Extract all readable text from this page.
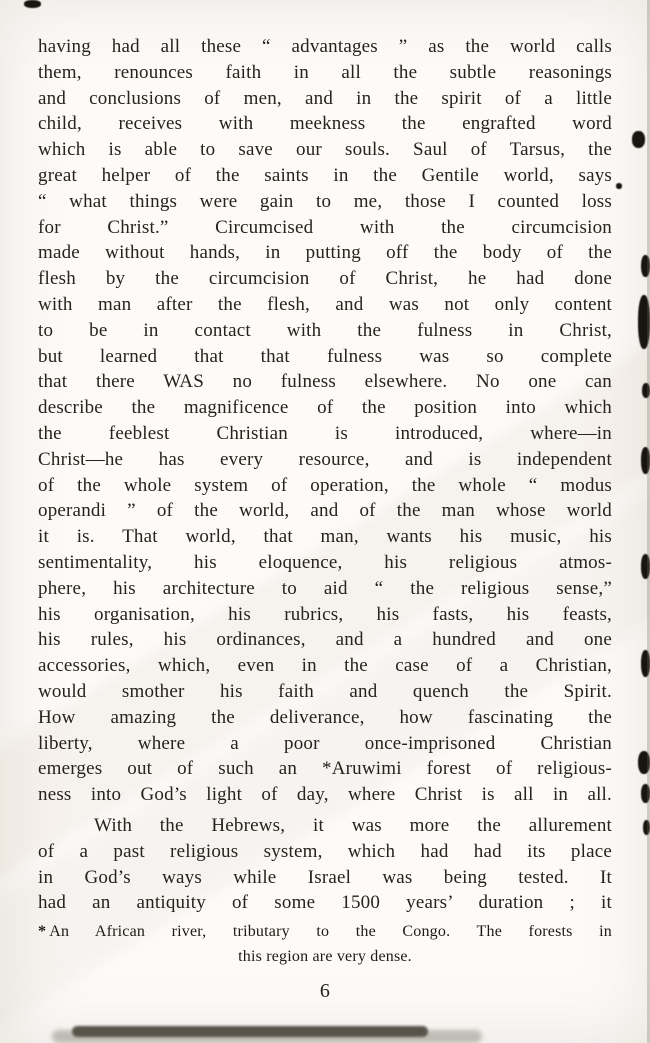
having had all these “ advantages ” as the world calls
them, renounces faith in all the subtle reasonings
and conclusions of men, and in the spirit of a little
child, receives with meekness the engrafted word
which is able to save our souls. Saul of Tarsus, the
great helper of the saints in the Gentile world, says
“ what things were gain to me, those I counted loss
for Christ.” Circumcised with the circumcision
made without hands, in putting off the body of the
flesh by the circumcision of Christ, he had done
with man after the flesh, and was not only content
to be in contact with the fulness in Christ,
but learned that that fulness was so complete
that there WAS no fulness elsewhere. No one can
describe the magnificence of the position into which
the feeblest Christian is introduced, where—in
Christ—he has every resource, and is independent
of the whole system of operation, the whole “ modus
operandi ” of the world, and of the man whose world
it is. That world, that man, wants his music, his
sentimentality, his eloquence, his religious atmos-
phere, his architecture to aid “ the religious sense,”
his organisation, his rubrics, his fasts, his feasts,
his rules, his ordinances, and a hundred and one
accessories, which, even in the case of a Christian,
would smother his faith and quench the Spirit.
How amazing the deliverance, how fascinating the
liberty, where a poor once-imprisoned Christian
emerges out of such an *Aruwimi forest of religious-
ness into God’s light of day, where Christ is all in all.
With the Hebrews, it was more the allurement
of a past religious system, which had had its place
in God’s ways while Israel was being tested. It
had an antiquity of some 1500 years’ duration ; it
* An African river, tributary to the Congo. The forests in
this region are very dense.
6
